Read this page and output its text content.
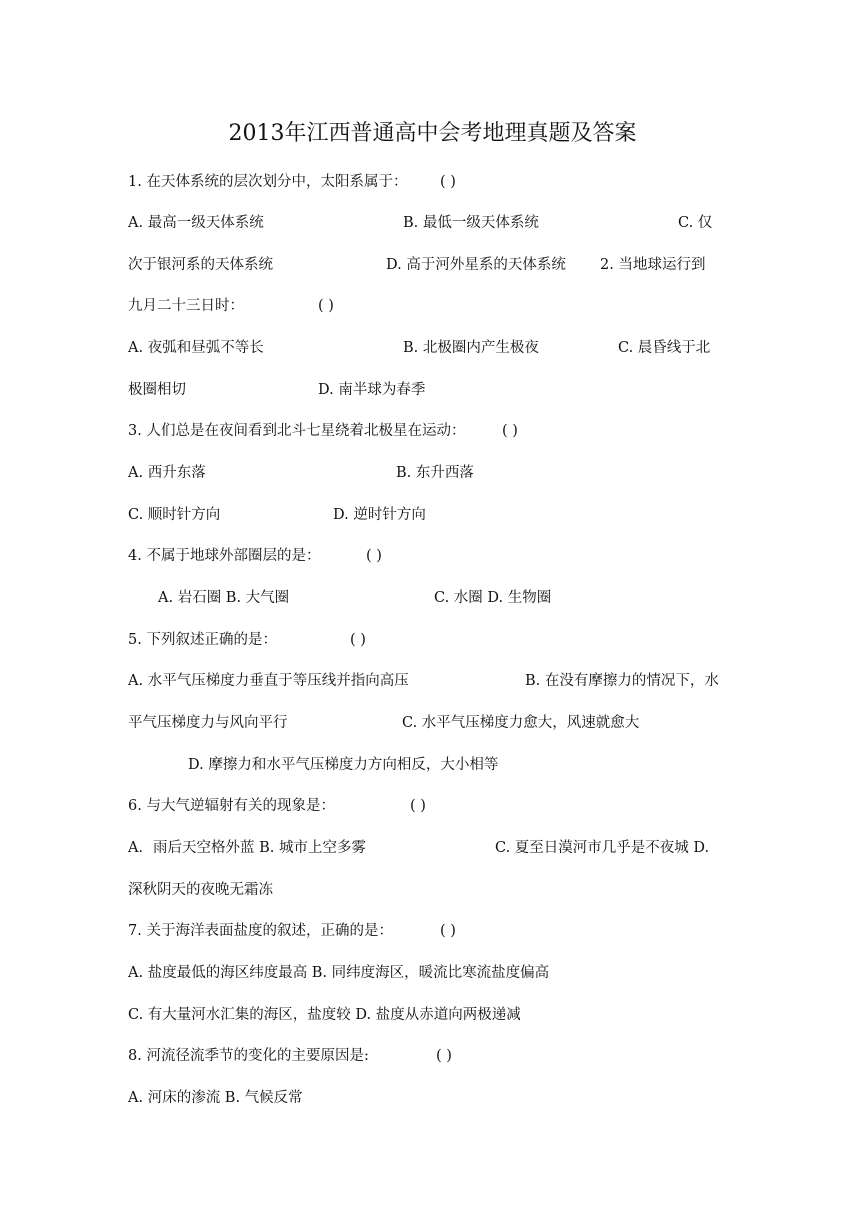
2013年江西普通高中会考地理真题及答案
1. 在天体系统的层次划分中，太阳系属于： ( )
A. 最高一级天体系统	B. 最低一级天体系统	C. 仅
次于银河系的天体系统	D. 高于河外星系的天体系统 2. 当地球运行到
九月二十三日时：	( )
A. 夜弧和昼弧不等长	B. 北极圈内产生极夜	C. 晨昏线于北
极圈相切	D. 南半球为春季
3. 人们总是在夜间看到北斗七星绕着北极星在运动：	( )
A. 西升东落	B. 东升西落
C. 顺时针方向	D. 逆时针方向
4. 不属于地球外部圈层的是：	( )
A. 岩石圈 B. 大气圈	C. 水圈 D. 生物圈
5. 下列叙述正确的是：	( )
A. 水平气压梯度力垂直于等压线并指向高压	B. 在没有摩擦力的情况下，水
平气压梯度力与风向平行	C. 水平气压梯度力愈大，风速就愈大
D. 摩擦力和水平气压梯度力方向相反，大小相等
6. 与大气逆辐射有关的现象是：	( )
A．雨后天空格外蓝 B. 城市上空多雾	C. 夏至日漠河市几乎是不夜城 D.
深秋阴天的夜晚无霜冻
7. 关于海洋表面盐度的叙述，正确的是：	( )
A. 盐度最低的海区纬度最高 B. 同纬度海区，暖流比寒流盐度偏高
C. 有大量河水汇集的海区，盐度较 D. 盐度从赤道向两极递减
8. 河流径流季节的变化的主要原因是:	( )
A. 河床的渗流 B. 气候反常
